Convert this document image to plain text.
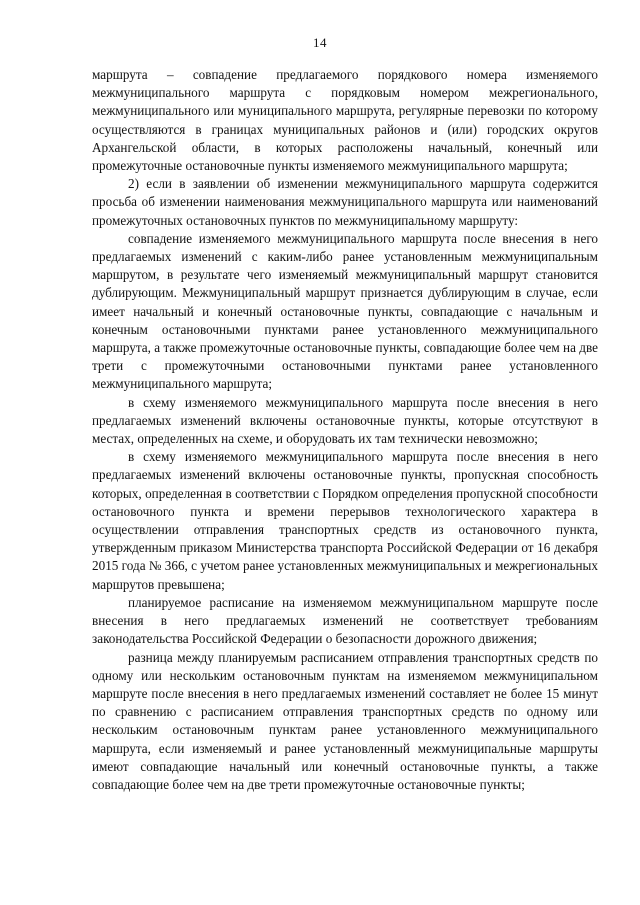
14

маршрута – совпадение предлагаемого порядкового номера изменяемого межмуниципального маршрута с порядковым номером межрегионального, межмуниципального или муниципального маршрута, регулярные перевозки по которому осуществляются в границах муниципальных районов и (или) городских округов Архангельской области, в которых расположены начальный, конечный или промежуточные остановочные пункты изменяемого межмуниципального маршрута;

2) если в заявлении об изменении межмуниципального маршрута содержится просьба об изменении наименования межмуниципального маршрута или наименований промежуточных остановочных пунктов по межмуниципальному маршруту:

совпадение изменяемого межмуниципального маршрута после внесения в него предлагаемых изменений с каким-либо ранее установленным межмуниципальным маршрутом, в результате чего изменяемый межмуниципальный маршрут становится дублирующим. Межмуниципальный маршрут признается дублирующим в случае, если имеет начальный и конечный остановочные пункты, совпадающие с начальным и конечным остановочными пунктами ранее установленного межмуниципального маршрута, а также промежуточные остановочные пункты, совпадающие более чем на две трети с промежуточными остановочными пунктами ранее установленного межмуниципального маршрута;

в схему изменяемого межмуниципального маршрута после внесения в него предлагаемых изменений включены остановочные пункты, которые отсутствуют в местах, определенных на схеме, и оборудовать их там технически невозможно;

в схему изменяемого межмуниципального маршрута после внесения в него предлагаемых изменений включены остановочные пункты, пропускная способность которых, определенная в соответствии с Порядком определения пропускной способности остановочного пункта и времени перерывов технологического характера в осуществлении отправления транспортных средств из остановочного пункта, утвержденным приказом Министерства транспорта Российской Федерации от 16 декабря 2015 года № 366, с учетом ранее установленных межмуниципальных и межрегиональных маршрутов превышена;

планируемое расписание на изменяемом межмуниципальном маршруте после внесения в него предлагаемых изменений не соответствует требованиям законодательства Российской Федерации о безопасности дорожного движения;

разница между планируемым расписанием отправления транспортных средств по одному или нескольким остановочным пунктам на изменяемом межмуниципальном маршруте после внесения в него предлагаемых изменений составляет не более 15 минут по сравнению с расписанием отправления транспортных средств по одному или нескольким остановочным пунктам ранее установленного межмуниципального маршрута, если изменяемый и ранее установленный межмуниципальные маршруты имеют совпадающие начальный или конечный остановочные пункты, а также совпадающие более чем на две трети промежуточные остановочные пункты;
